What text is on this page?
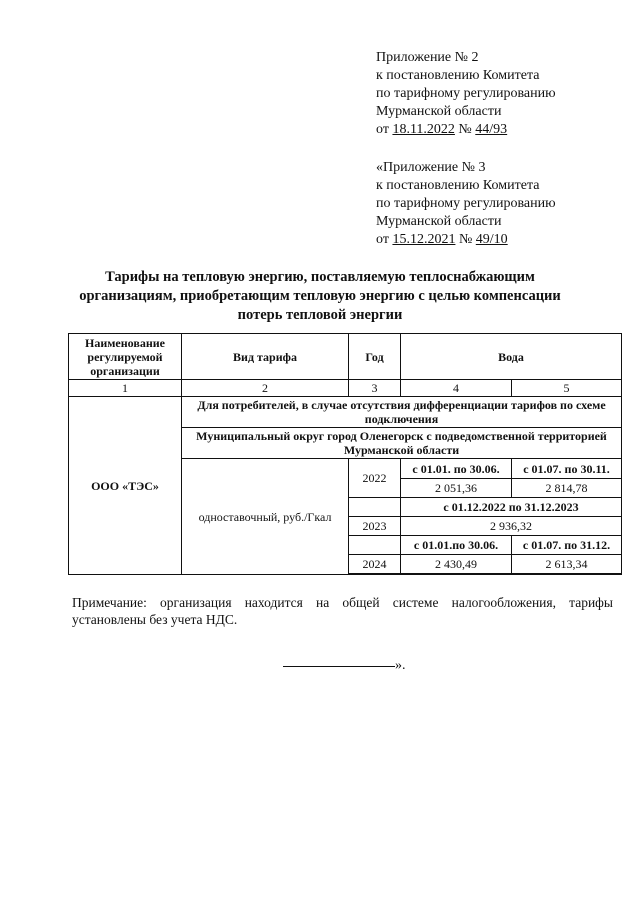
Приложение № 2
к постановлению Комитета
по тарифному регулированию
Мурманской области
от 18.11.2022 № 44/93
«Приложение № 3
к постановлению Комитета
по тарифному регулированию
Мурманской области
от 15.12.2021 № 49/10
Тарифы на тепловую энергию, поставляемую теплоснабжающим
организациям, приобретающим тепловую энергию с целью компенсации
потерь тепловой энергии
Наименование регулируемой организации	Вид тарифа	Год	Вода	
1	2	3	4	5
ООО «ТЭС»	Для потребителей, в случае отсутствия дифференциации тарифов по схеме подключения			
	Муниципальный округ город Оленегорск с подведомственной территорией Мурманской области			
	одноставочный, руб./Гкал	2022	с 01.01. по 30.06.	с 01.07. по 30.11.
			2 051,36	2 814,78
			с 01.12.2022 по 31.12.2023	
		2023	2 936,32	
			с 01.01.по 30.06.	с 01.07. по 31.12.
		2024	2 430,49	2 613,34

Примечание: организация находится на общей системе налогообложения, тарифы установлены без учета НДС.
».
